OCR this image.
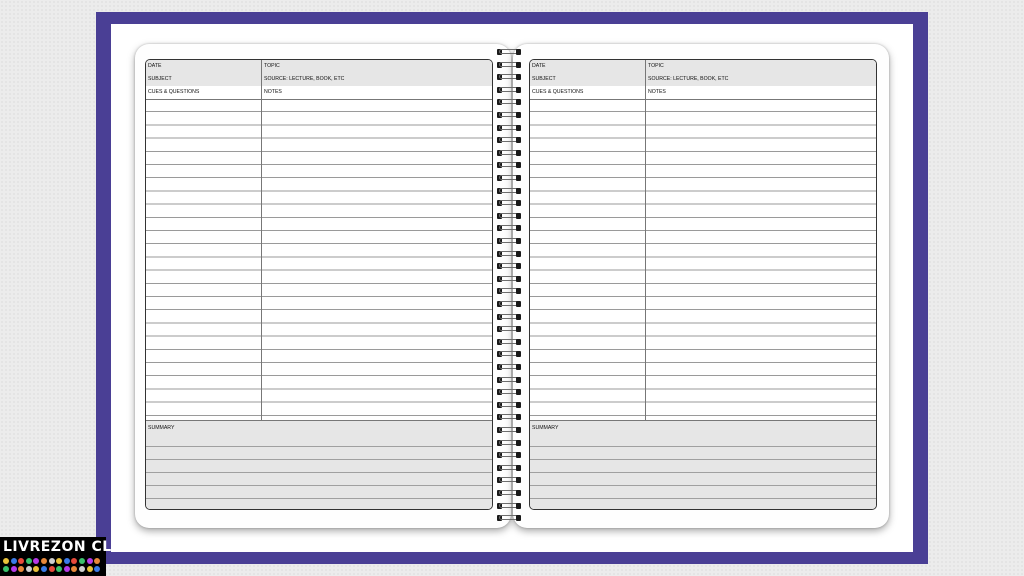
DATE	TOPIC
SUBJECT	SOURCE: LECTURE, BOOK, ETC
CUES & QUESTIONS	NOTES
SUMMARY
DATE	TOPIC
SUBJECT	SOURCE: LECTURE, BOOK, ETC
CUES & QUESTIONS	NOTES
SUMMARY
LIVREZON CLUB
